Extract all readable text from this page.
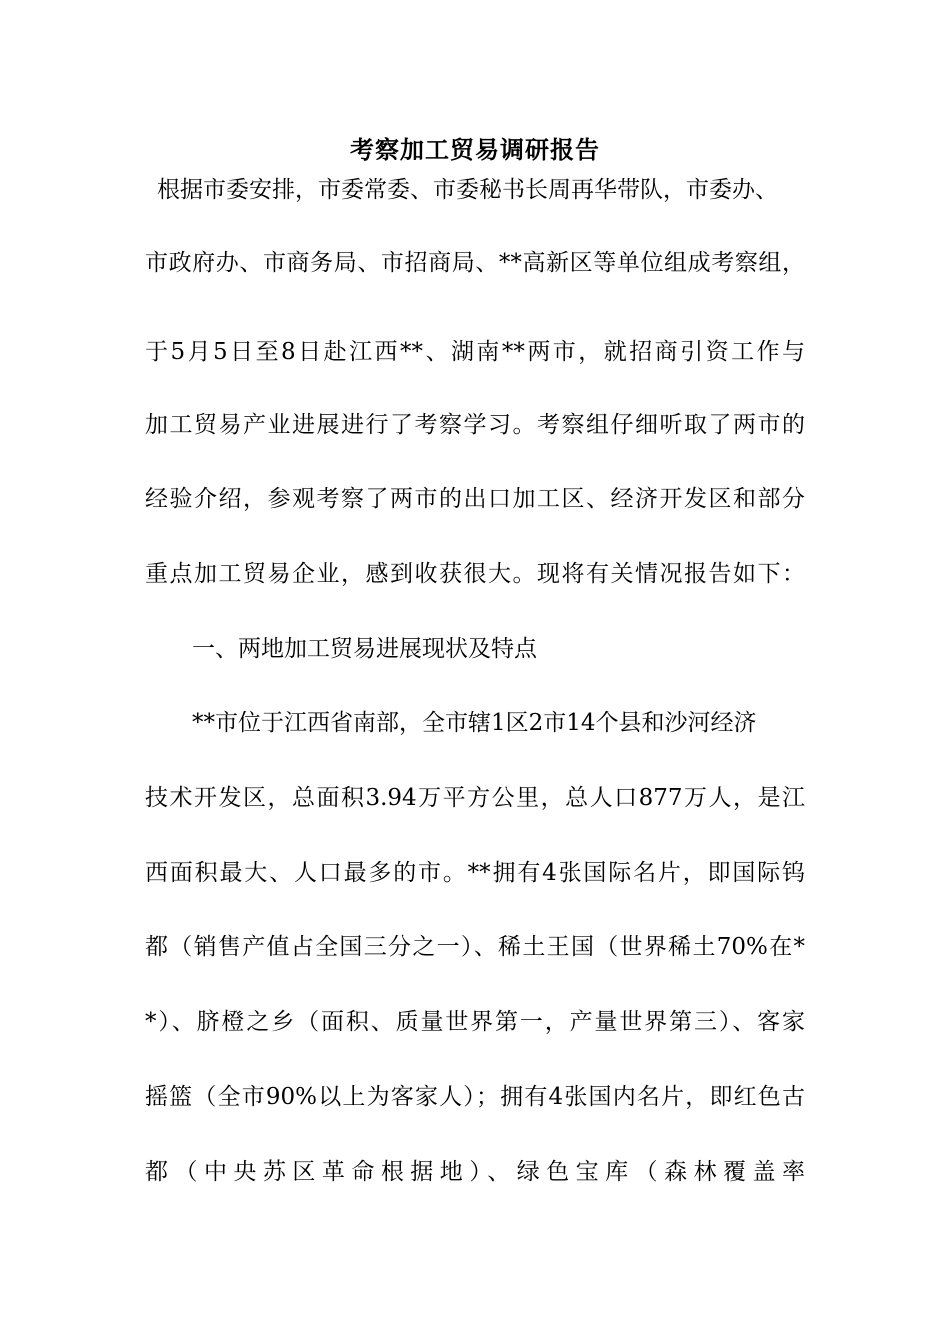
考察加工贸易调研报告

根据市委安排，市委常委、市委秘书长周再华带队，市委办、

市政府办、市商务局、市招商局、**高新区等单位组成考察组，

于5月5日至8日赴江西**、湖南**两市，就招商引资工作与

加工贸易产业进展进行了考察学习。考察组仔细听取了两市的

经验介绍，参观考察了两市的出口加工区、经济开发区和部分

重点加工贸易企业，感到收获很大。现将有关情况报告如下：

一、两地加工贸易进展现状及特点

**市位于江西省南部，全市辖1区2市14个县和沙河经济

技术开发区，总面积3.94万平方公里，总人口877万人，是江

西面积最大、人口最多的市。**拥有4张国际名片，即国际钨

都（销售产值占全国三分之一）、稀土王国（世界稀土70%在*

*）、脐橙之乡（面积、质量世界第一，产量世界第三）、客家

摇篮（全市90%以上为客家人）；拥有4张国内名片，即红色古

都（中央苏区革命根据地）、绿色宝库（森林覆盖率
